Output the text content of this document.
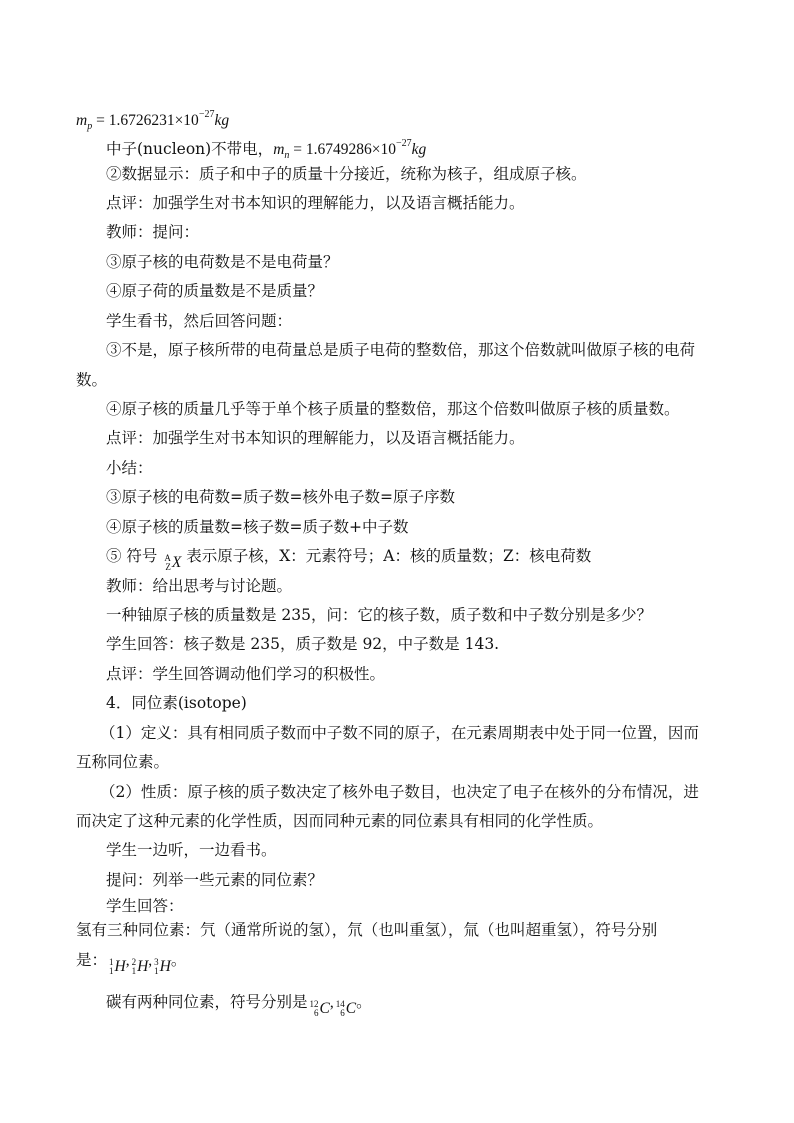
$m_p = 1.6726231\times 10^{-27}kg$
中子(nucleon)不带电，$m_n = 1.6749286\times 10^{-27}kg$
②数据显示：质子和中子的质量十分接近，统称为核子，组成原子核。
点评：加强学生对书本知识的理解能力，以及语言概括能力。
教师：提问：
③原子核的电荷数是不是电荷量？
④原子荷的质量数是不是质量？
学生看书，然后回答问题：
③不是，原子核所带的电荷量总是质子电荷的整数倍，那这个倍数就叫做原子核的电荷
数。
④原子核的质量几乎等于单个核子质量的整数倍，那这个倍数叫做原子核的质量数。
点评：加强学生对书本知识的理解能力，以及语言概括能力。
小结：
③原子核的电荷数=质子数=核外电子数=原子序数
④原子核的质量数=核子数=质子数+中子数
⑤ 符号 A
Z X 表示原子核，X：元素符号；A：核的质量数；Z：核电荷数
教师：给出思考与讨论题。
一种铀原子核的质量数是 235，问：它的核子数，质子数和中子数分别是多少？
学生回答：核子数是 235，质子数是 92，中子数是 143.
点评：学生回答调动他们学习的积极性。
4．同位素(isotope)
（1）定义：具有相同质子数而中子数不同的原子，在元素周期表中处于同一位置，因而
互称同位素。
（2）性质：原子核的质子数决定了核外电子数目，也决定了电子在核外的分布情况，进
而决定了这种元素的化学性质，因而同种元素的同位素具有相同的化学性质。
学生一边听，一边看书。
提问：列举一些元素的同位素？
学生回答：
氢有三种同位素：氕（通常所说的氢），氘（也叫重氢），氚（也叫超重氢），符号分别
是： 1
1 H , 2
1 H , 3
1 H 。
碳有两种同位素，符号分别是 12
6 C , 14
6 C 。
